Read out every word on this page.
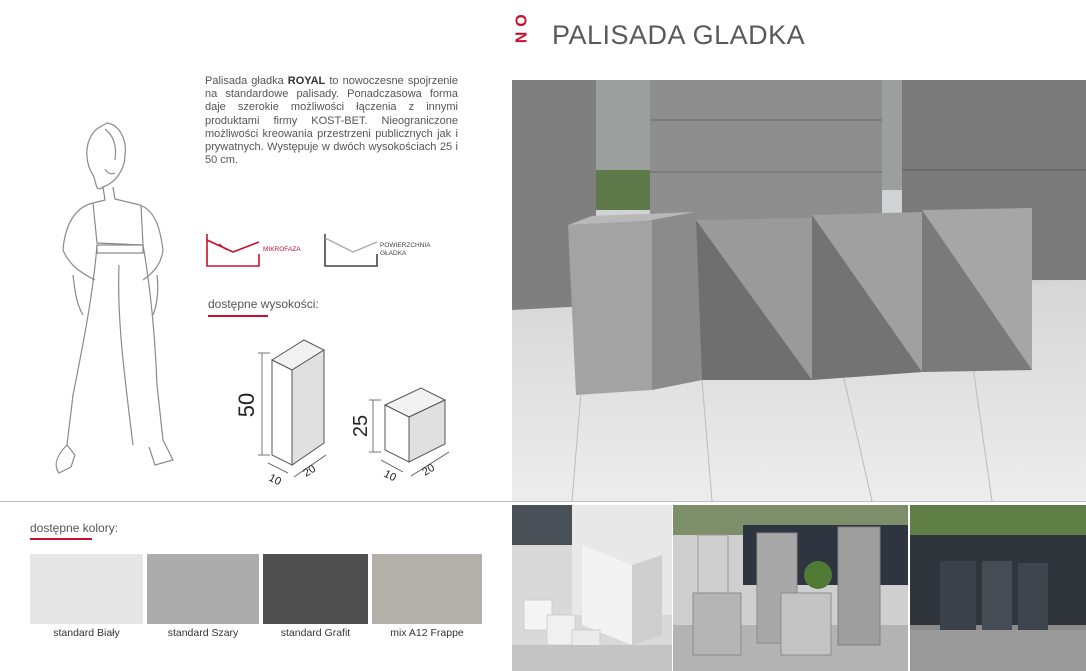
O
N PALISADA GLADKA
Palisada gładka ROYAL to nowoczesne spojrzenie na standardowe palisady. Ponadczasowa forma daje szerokie możliwości łączenia z innymi produktami firmy KOST-BET. Nieograniczone możliwości kreowania przestrzeni publicznych jak i prywatnych. Występuje w dwóch wysokościach 25 i 50 cm.
MIKROFAZA
POWIERZCHNIA
GŁADKA
dostępne wysokości:
50
10
20
25
10 20
dostępne kolory:
standard Biały	standard Szary	standard Grafit	mix A12 Frappe
